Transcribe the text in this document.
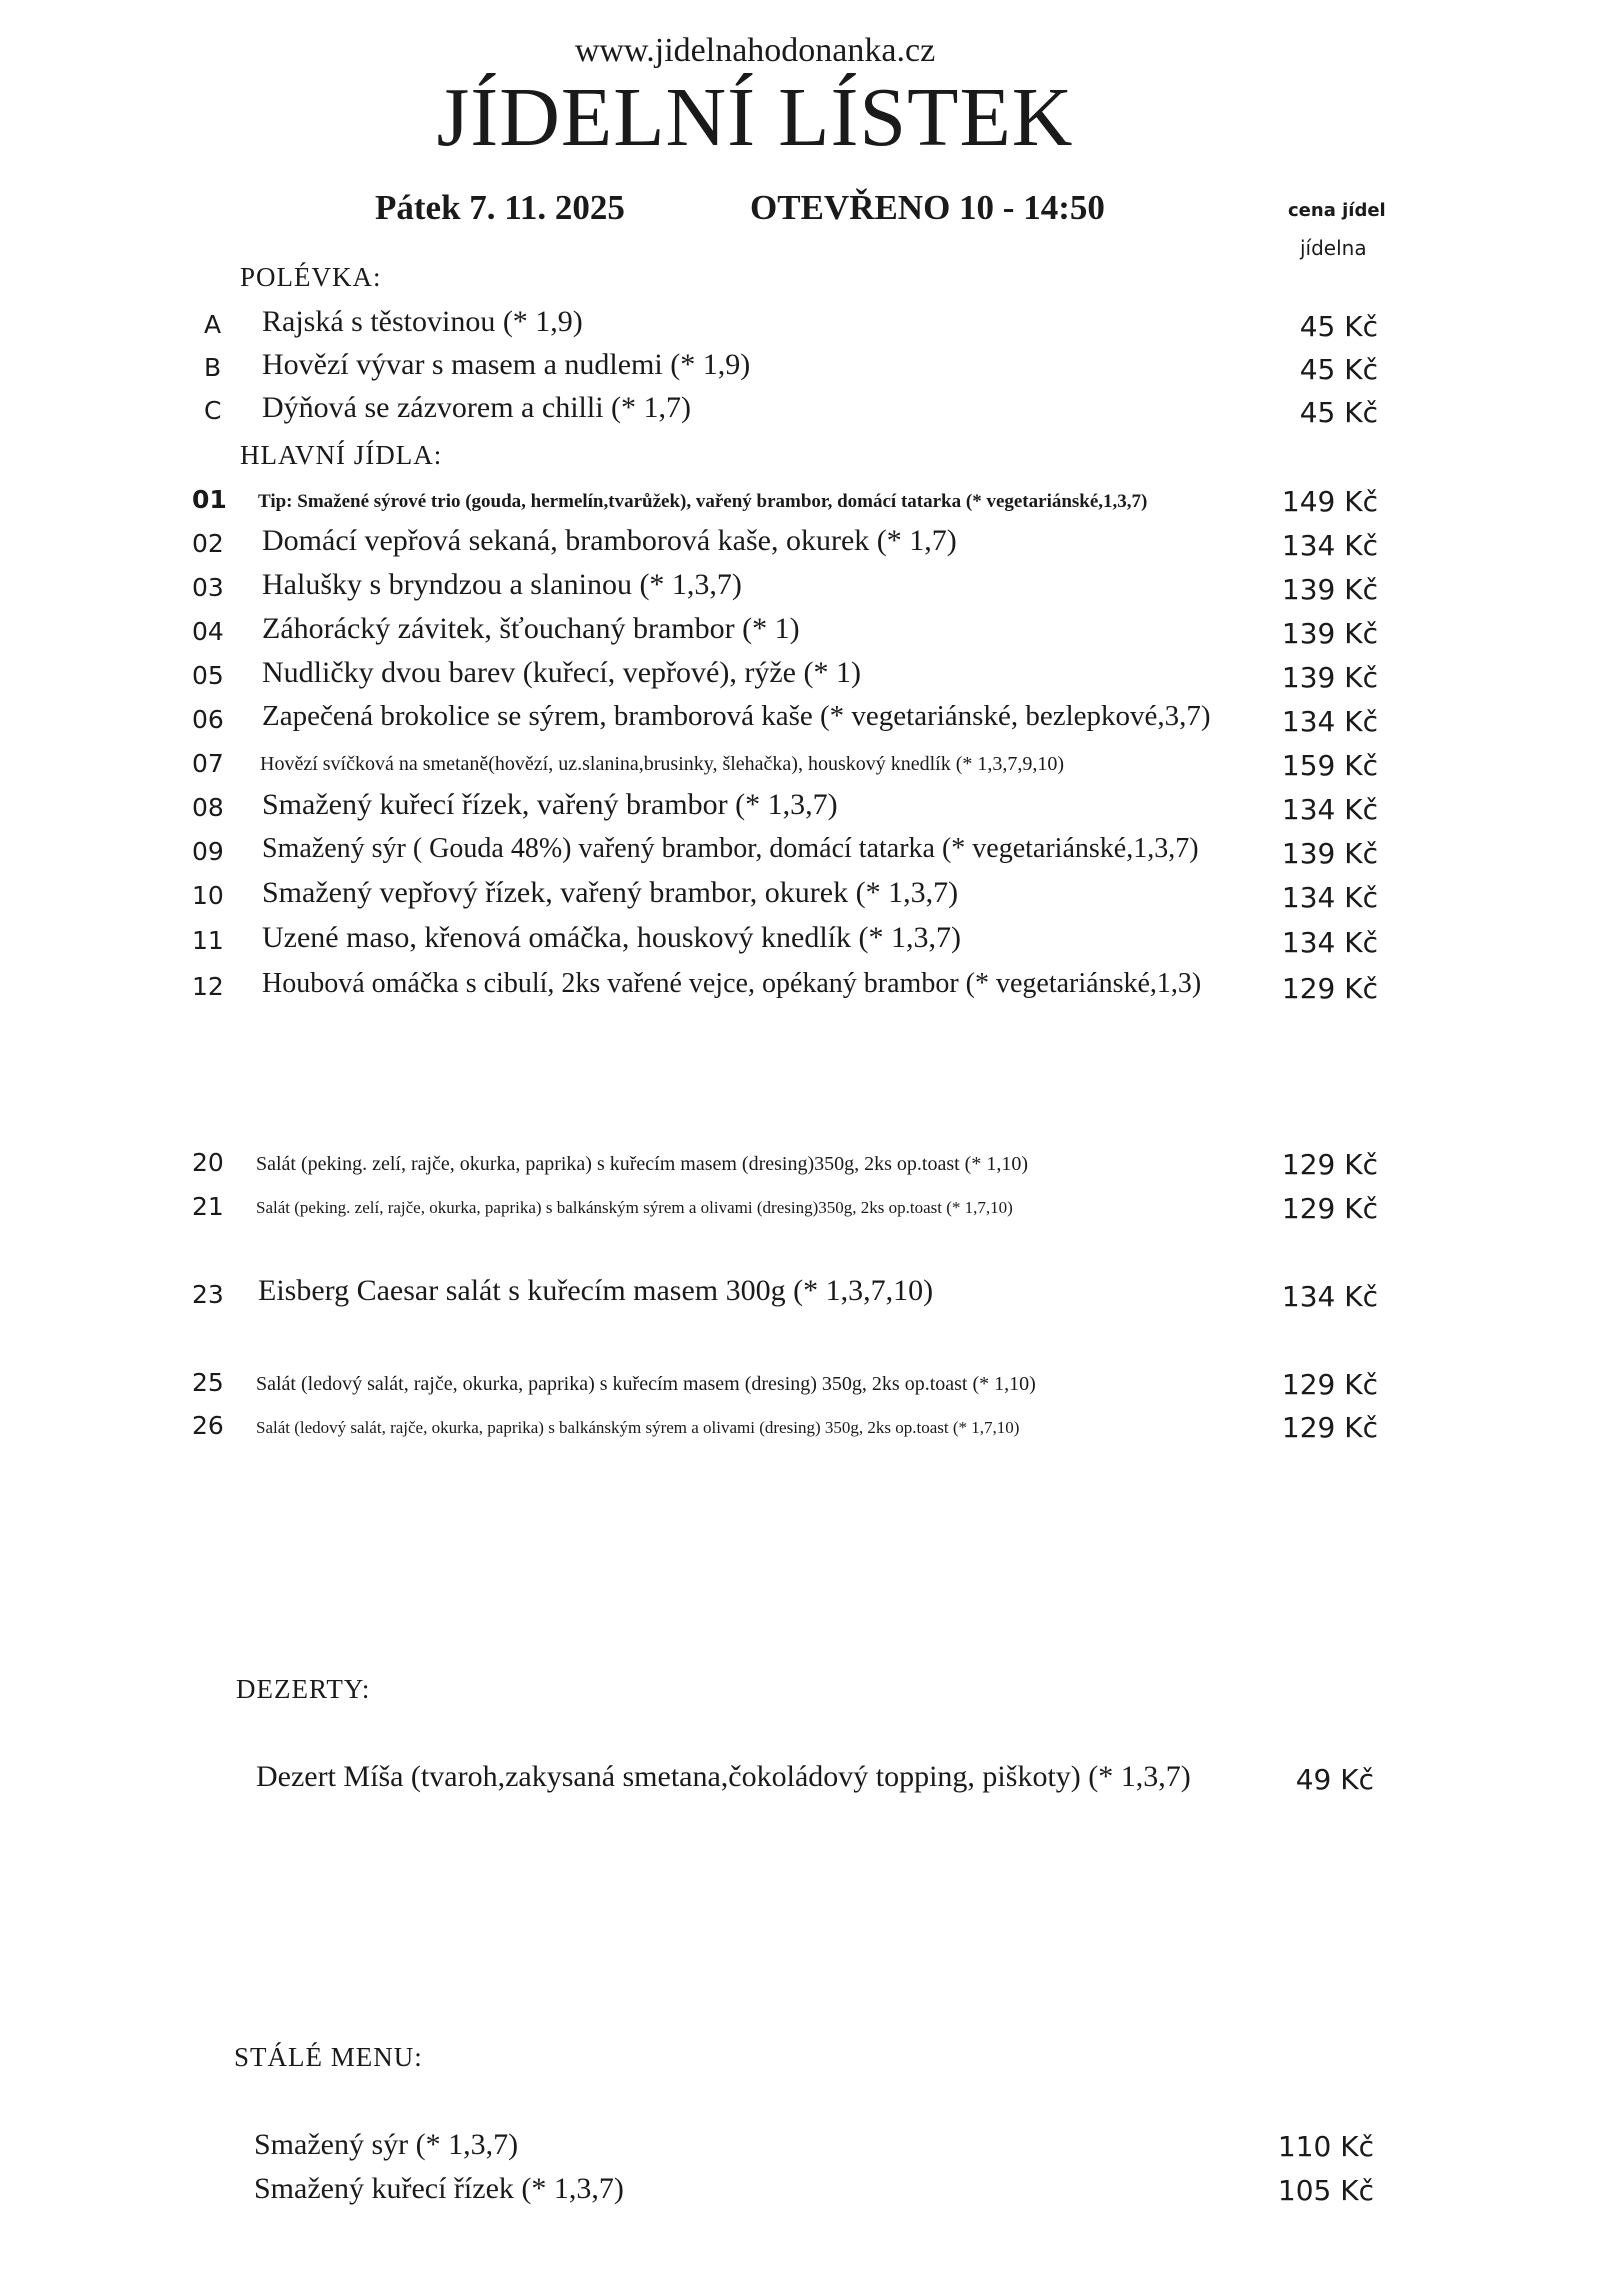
www.jidelnahodonanka.cz
JÍDELNÍ LÍSTEK
Pátek 7. 11. 2025	OTEVŘENO 10 - 14:50	cena jídel
jídelna
POLÉVKA:
A	Rajská s těstovinou (* 1,9)	45 Kč
B	Hovězí vývar s masem a nudlemi (* 1,9)	45 Kč
C	Dýňová se zázvorem a chilli (* 1,7)	45 Kč
HLAVNÍ JÍDLA:
01	Tip: Smažené sýrové trio (gouda, hermelín,tvarůžek), vařený brambor, domácí tatarka (* vegetariánské,1,3,7)	149 Kč
02	Domácí vepřová sekaná, bramborová kaše, okurek (* 1,7)	134 Kč
03	Halušky s bryndzou a slaninou (* 1,3,7)	139 Kč
04	Záhorácký závitek, šťouchaný brambor (* 1)	139 Kč
05	Nudličky dvou barev (kuřecí, vepřové), rýže (* 1)	139 Kč
06	Zapečená brokolice se sýrem, bramborová kaše (* vegetariánské, bezlepkové,3,7)	134 Kč
07	Hovězí svíčková na smetaně(hovězí, uz.slanina,brusinky, šlehačka), houskový knedlík (* 1,3,7,9,10)	159 Kč
08	Smažený kuřecí řízek, vařený brambor (* 1,3,7)	134 Kč
09	Smažený sýr ( Gouda 48%) vařený brambor, domácí tatarka (* vegetariánské,1,3,7)	139 Kč
10	Smažený vepřový řízek, vařený brambor, okurek (* 1,3,7)	134 Kč
11	Uzené maso, křenová omáčka, houskový knedlík (* 1,3,7)	134 Kč
12	Houbová omáčka s cibulí, 2ks vařené vejce, opékaný brambor (* vegetariánské,1,3)	129 Kč
20	Salát (peking. zelí, rajče, okurka, paprika) s kuřecím masem (dresing)350g, 2ks op.toast (* 1,10)	129 Kč
21	Salát (peking. zelí, rajče, okurka, paprika) s balkánským sýrem a olivami (dresing)350g, 2ks op.toast (* 1,7,10)	129 Kč
23	Eisberg Caesar salát s kuřecím masem 300g (* 1,3,7,10)	134 Kč
25	Salát (ledový salát, rajče, okurka, paprika) s kuřecím masem (dresing) 350g, 2ks op.toast (* 1,10)	129 Kč
26	Salát (ledový salát, rajče, okurka, paprika) s balkánským sýrem a olivami (dresing) 350g, 2ks op.toast (* 1,7,10)	129 Kč
DEZERTY:
Dezert Míša (tvaroh,zakysaná smetana,čokoládový topping, piškoty) (* 1,3,7)	49 Kč
STÁLÉ MENU:
Smažený sýr (* 1,3,7)	110 Kč
Smažený kuřecí řízek (* 1,3,7)	105 Kč
